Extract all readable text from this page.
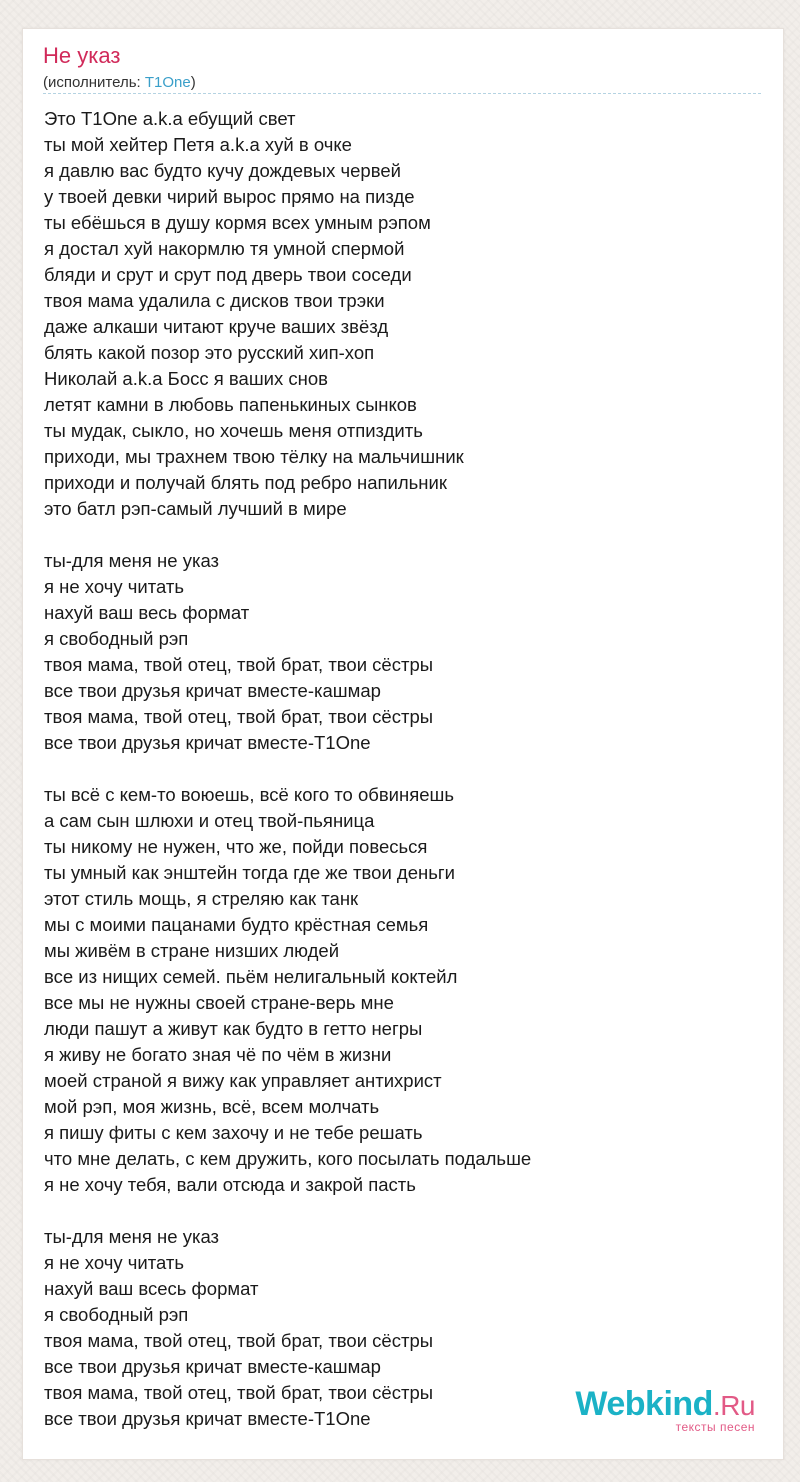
Не указ
(исполнитель: T1One)
Это T1One a.k.a ебущий свет
ты мой хейтер Петя a.k.a хуй в очке
я давлю вас будто кучу дождевых червей
у твоей девки чирий вырос прямо на пизде
ты ебёшься в душу кормя всех умным рэпом
я достал хуй накормлю тя умной спермой
бляди и срут и срут под дверь твои соседи
твоя мама удалила с дисков твои трэки
даже алкаши читают круче ваших звёзд
блять какой позор это русский хип-хоп
Николай a.k.a Босс я ваших снов
летят камни в любовь папенькиных сынков
ты мудак, сыкло, но хочешь меня отпиздить
приходи, мы трахнем твою тёлку на мальчишник
приходи и получай блять под ребро напильник
это батл рэп-самый лучший в мире
ты-для меня не указ
я не хочу читать
нахуй ваш весь формат
я свободный рэп
твоя мама, твой отец, твой брат, твои сёстры
все твои друзья кричат вместе-кашмар
твоя мама, твой отец, твой брат, твои сёстры
все твои друзья кричат вместе-T1One
ты всё с кем-то воюешь, всё кого то обвиняешь
а сам сын шлюхи и отец твой-пьяница
ты никому не нужен, что же, пойди повесься
ты умный как энштейн тогда где же твои деньги
этот стиль мощь, я стреляю как танк
мы с моими пацанами будто крёстная семья
мы живём в стране низших людей
все из нищих семей. пьём нелигальный коктейл
все мы не нужны своей стране-верь мне
люди пашут а живут как будто в гетто негры
я живу не богато зная чё по чём в жизни
моей страной я вижу как управляет антихрист
мой рэп, моя жизнь, всё, всем молчать
я пишу фиты с кем захочу и не тебе решать
что мне делать, с кем дружить, кого посылать подальше
я не хочу тебя, вали отсюда и закрой пасть
ты-для меня не указ
я не хочу читать
нахуй ваш всесь формат
я свободный рэп
твоя мама, твой отец, твой брат, твои сёстры
все твои друзья кричат вместе-кашмар
твоя мама, твой отец, твой брат, твои сёстры
все твои друзья кричат вместе-T1One	Webkind.Ru
тексты песен
